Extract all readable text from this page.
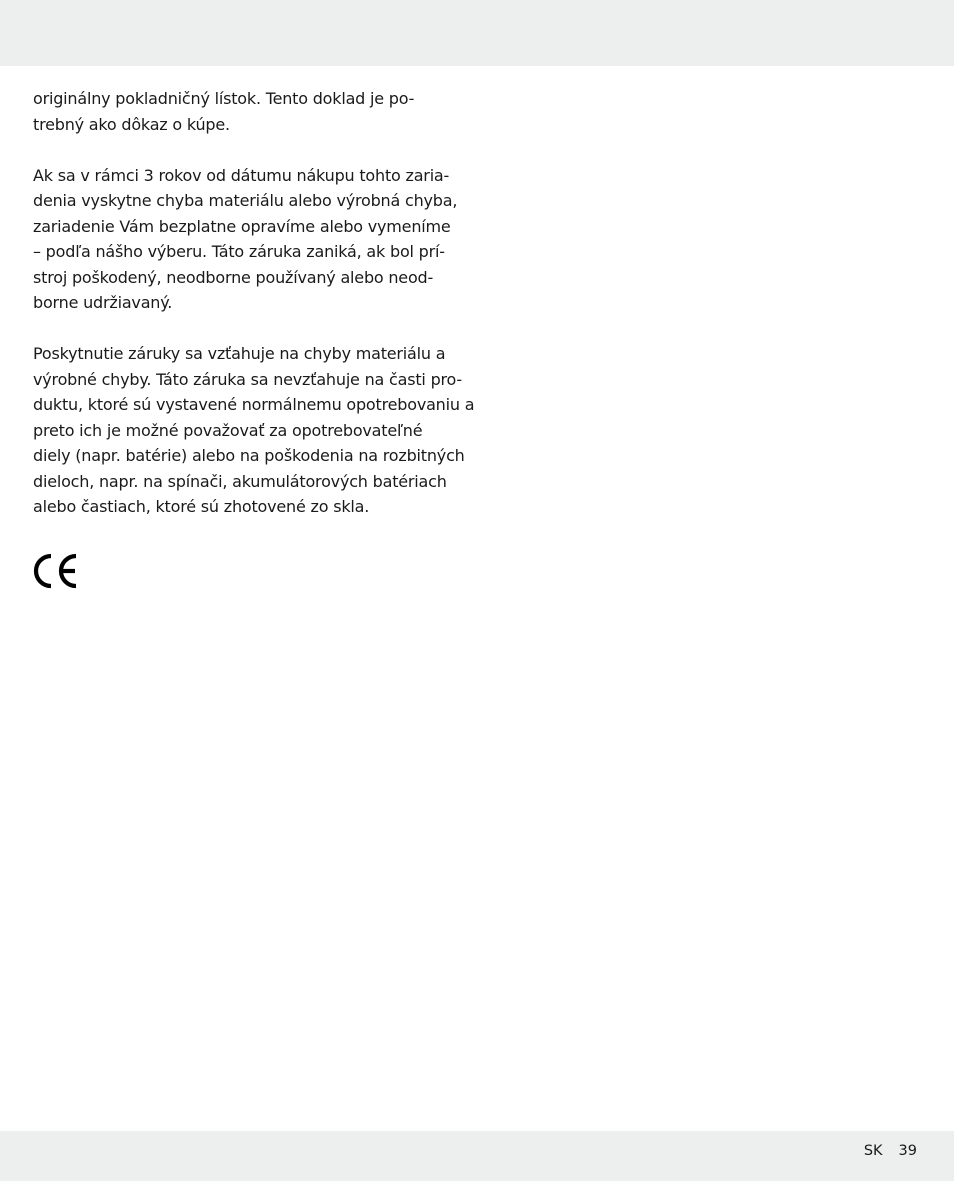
originálny pokladničný lístok. Tento doklad je po-
trebný ako dôkaz o kúpe.

Ak sa v rámci 3 rokov od dátumu nákupu tohto zaria-
denia vyskytne chyba materiálu alebo výrobná chyba,
zariadenie Vám bezplatne opravíme alebo vymeníme
– podľa nášho výberu. Táto záruka zaniká, ak bol prí-
stroj poškodený, neodborne používaný alebo neod-
borne udržiavaný.

Poskytnutie záruky sa vzťahuje na chyby materiálu a
výrobné chyby. Táto záruka sa nevzťahuje na časti pro-
duktu, ktoré sú vystavené normálnemu opotrebovaniu a
preto ich je možné považovať za opotrebovateľné
diely (napr. batérie) alebo na poškodenia na rozbitných
dieloch, napr. na spínači, akumulátorových batériach
alebo častiach, ktoré sú zhotovené zo skla.

SK 39
